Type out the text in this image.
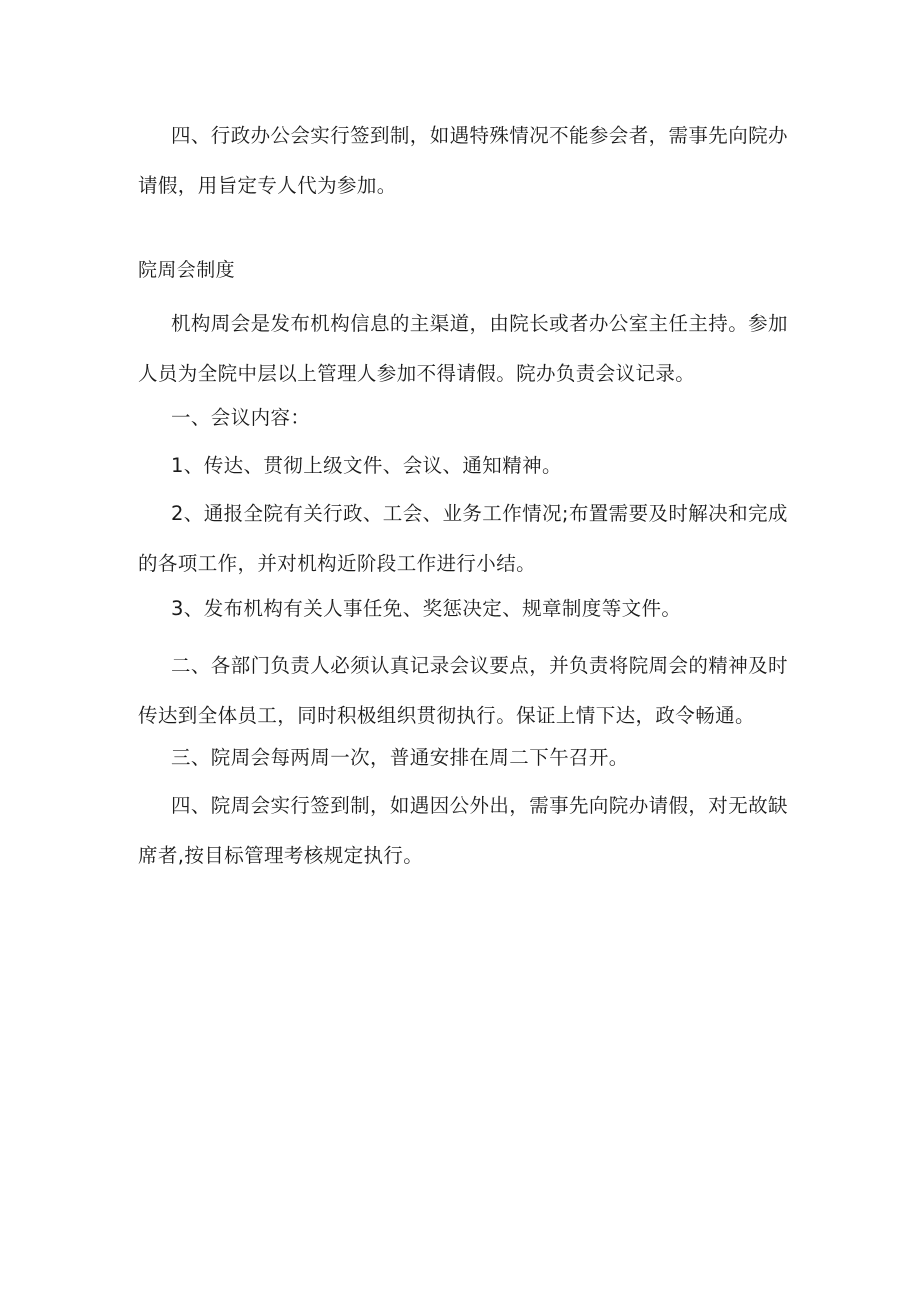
四、行政办公会实行签到制，如遇特殊情况不能参会者，需事先向院办请假，用旨定专人代为参加。

院周会制度

机构周会是发布机构信息的主渠道，由院长或者办公室主任主持。参加人员为全院中层以上管理人参加不得请假。院办负责会议记录。

一、会议内容：

1、传达、贯彻上级文件、会议、通知精神。

2、通报全院有关行政、工会、业务工作情况;布置需要及时解决和完成的各项工作，并对机构近阶段工作进行小结。

3、发布机构有关人事任免、奖惩决定、规章制度等文件。

二、各部门负责人必须认真记录会议要点，并负责将院周会的精神及时传达到全体员工，同时积极组织贯彻执行。保证上情下达，政令畅通。

三、院周会每两周一次，普通安排在周二下午召开。

四、院周会实行签到制，如遇因公外出，需事先向院办请假，对无故缺席者,按目标管理考核规定执行。
